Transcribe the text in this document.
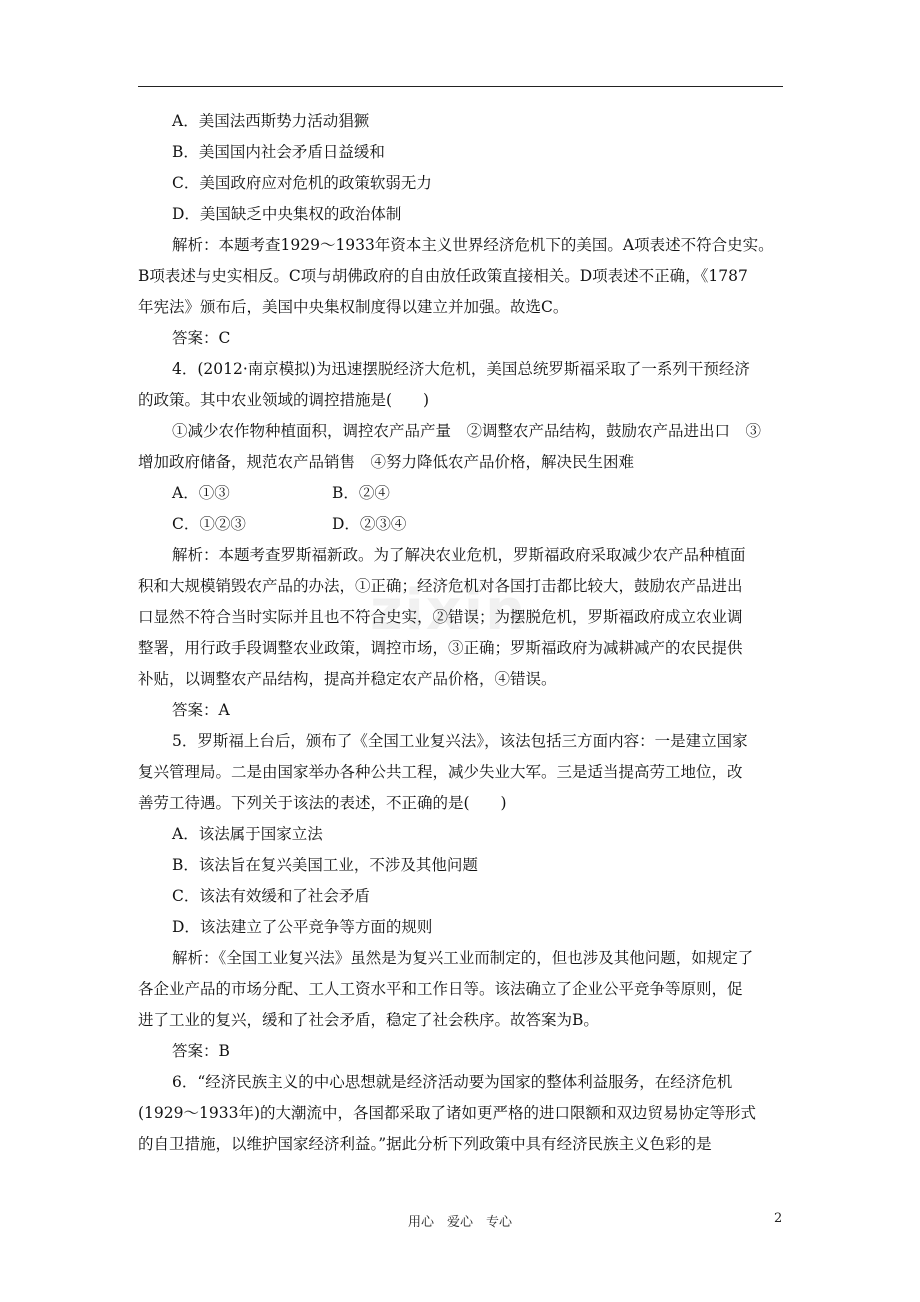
zixin
A．美国法西斯势力活动猖獗
B．美国国内社会矛盾日益缓和
C．美国政府应对危机的政策软弱无力
D．美国缺乏中央集权的政治体制
解析：本题考查1929～1933年资本主义世界经济危机下的美国。A项表述不符合史实。
B项表述与史实相反。C项与胡佛政府的自由放任政策直接相关。D项表述不正确，《1787
年宪法》颁布后，美国中央集权制度得以建立并加强。故选C。
答案：C
4．(2012·南京模拟)为迅速摆脱经济大危机，美国总统罗斯福采取了一系列干预经济
的政策。其中农业领域的调控措施是(　　)
①减少农作物种植面积，调控农产品产量　②调整农产品结构，鼓励农产品进出口　③
增加政府储备，规范农产品销售　④努力降低农产品价格，解决民生困难
A．①③	B．②④
C．①②③	D．②③④
解析：本题考查罗斯福新政。为了解决农业危机，罗斯福政府采取减少农产品种植面
积和大规模销毁农产品的办法，①正确；经济危机对各国打击都比较大，鼓励农产品进出
口显然不符合当时实际并且也不符合史实，②错误；为摆脱危机，罗斯福政府成立农业调
整署，用行政手段调整农业政策，调控市场，③正确；罗斯福政府为减耕减产的农民提供
补贴，以调整农产品结构，提高并稳定农产品价格，④错误。
答案：A
5．罗斯福上台后，颁布了《全国工业复兴法》，该法包括三方面内容：一是建立国家
复兴管理局。二是由国家举办各种公共工程，减少失业大军。三是适当提高劳工地位，改
善劳工待遇。下列关于该法的表述，不正确的是(　　)
A．该法属于国家立法
B．该法旨在复兴美国工业，不涉及其他问题
C．该法有效缓和了社会矛盾
D．该法建立了公平竞争等方面的规则
解析：《全国工业复兴法》虽然是为复兴工业而制定的，但也涉及其他问题，如规定了
各企业产品的市场分配、工人工资水平和工作日等。该法确立了企业公平竞争等原则，促
进了工业的复兴，缓和了社会矛盾，稳定了社会秩序。故答案为B。
答案：B
6．“经济民族主义的中心思想就是经济活动要为国家的整体利益服务，在经济危机
(1929～1933年)的大潮流中，各国都采取了诸如更严格的进口限额和双边贸易协定等形式
的自卫措施，以维护国家经济利益。”据此分析下列政策中具有经济民族主义色彩的是
用心　爱心　专心	2
